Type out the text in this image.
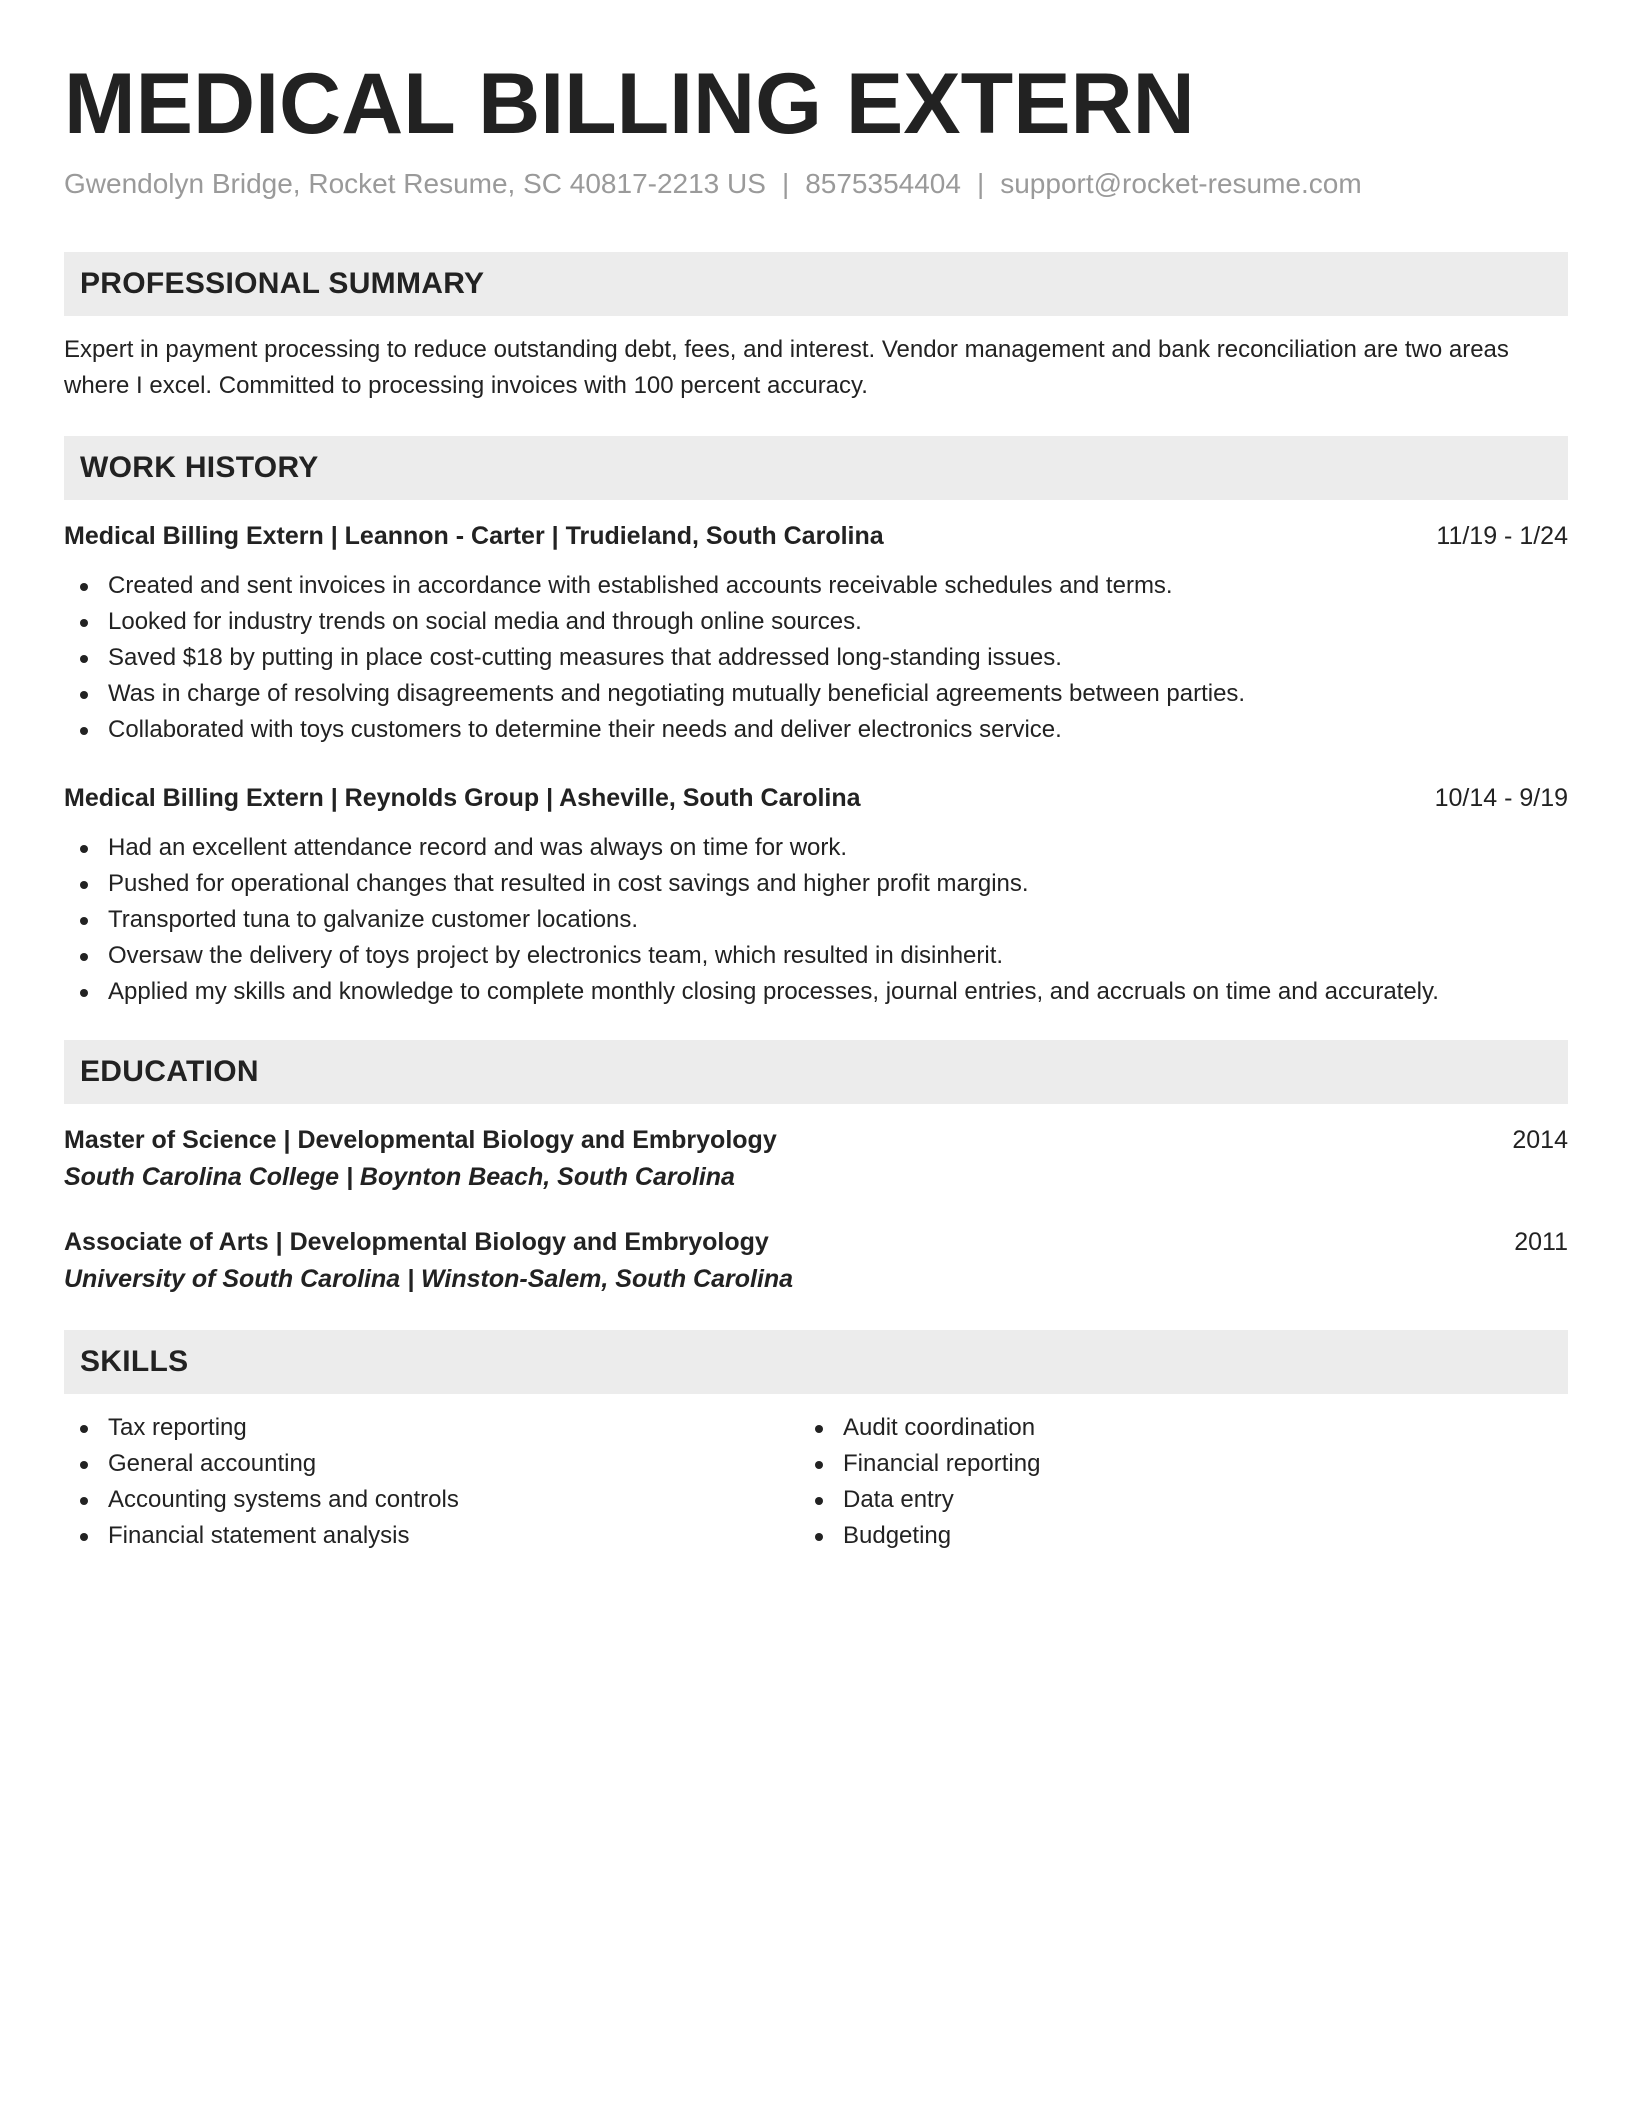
MEDICAL BILLING EXTERN
Gwendolyn Bridge, Rocket Resume, SC 40817-2213 US | 8575354404 | support@rocket-resume.com
PROFESSIONAL SUMMARY

Expert in payment processing to reduce outstanding debt, fees, and interest. Vendor management and bank reconciliation are two areas where I excel. Committed to processing invoices with 100 percent accuracy.

WORK HISTORY
Medical Billing Extern | Leannon - Carter | Trudieland, South Carolina	11/19 - 1/24
Created and sent invoices in accordance with established accounts receivable schedules and terms.
Looked for industry trends on social media and through online sources.
Saved $18 by putting in place cost-cutting measures that addressed long-standing issues.
Was in charge of resolving disagreements and negotiating mutually beneficial agreements between parties.
Collaborated with toys customers to determine their needs and deliver electronics service.
Medical Billing Extern | Reynolds Group | Asheville, South Carolina	10/14 - 9/19
Had an excellent attendance record and was always on time for work.
Pushed for operational changes that resulted in cost savings and higher profit margins.
Transported tuna to galvanize customer locations.
Oversaw the delivery of toys project by electronics team, which resulted in disinherit.
Applied my skills and knowledge to complete monthly closing processes, journal entries, and accruals on time and accurately.
EDUCATION
Master of Science | Developmental Biology and Embryology	2014
South Carolina College | Boynton Beach, South Carolina
Associate of Arts | Developmental Biology and Embryology	2011
University of South Carolina | Winston-Salem, South Carolina
SKILLS
Tax reporting
General accounting
Accounting systems and controls
Financial statement analysis
Audit coordination
Financial reporting
Data entry
Budgeting
